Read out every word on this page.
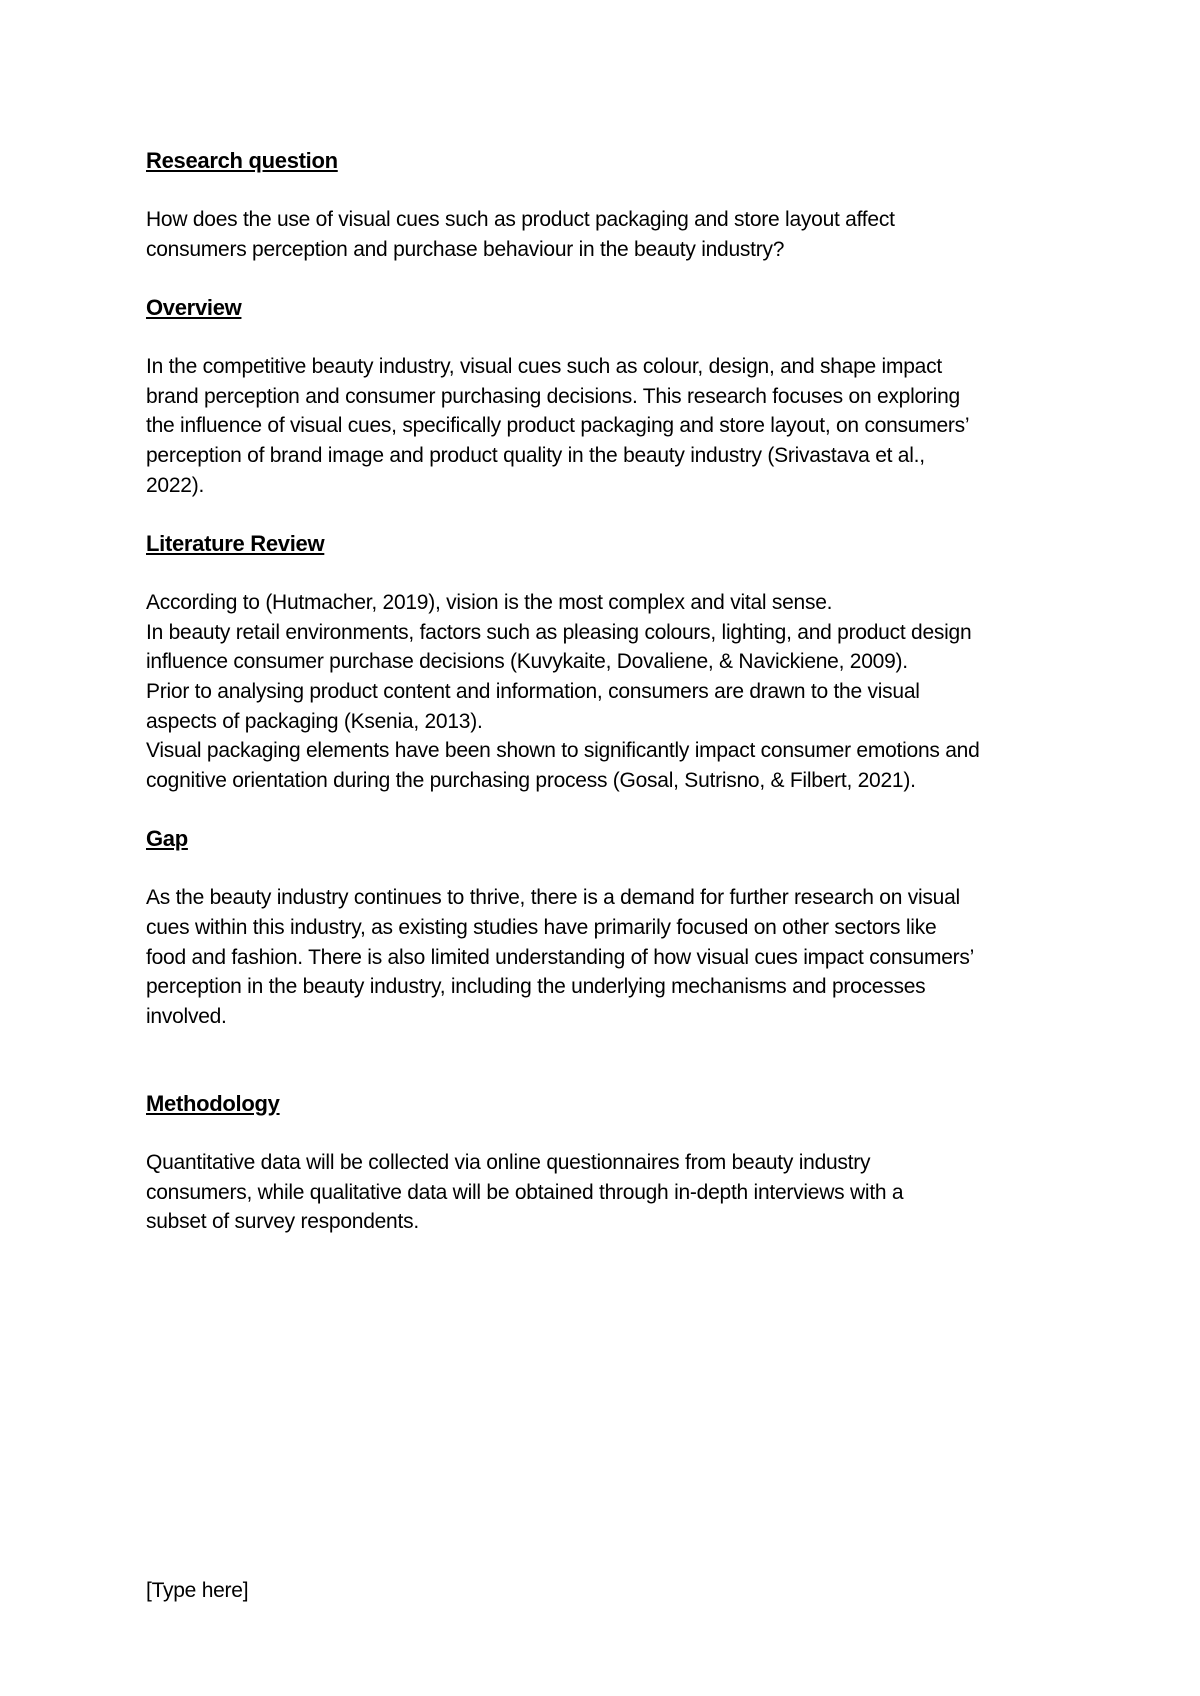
Research question

How does the use of visual cues such as product packaging and store layout affect
consumers perception and purchase behaviour in the beauty industry?

Overview

In the competitive beauty industry, visual cues such as colour, design, and shape impact
brand perception and consumer purchasing decisions. This research focuses on exploring
the influence of visual cues, specifically product packaging and store layout, on consumers’
perception of brand image and product quality in the beauty industry (Srivastava et al.,
2022).

Literature Review

According to (Hutmacher, 2019), vision is the most complex and vital sense.
In beauty retail environments, factors such as pleasing colours, lighting, and product design
influence consumer purchase decisions (Kuvykaite, Dovaliene, & Navickiene, 2009).
Prior to analysing product content and information, consumers are drawn to the visual
aspects of packaging (Ksenia, 2013).
Visual packaging elements have been shown to significantly impact consumer emotions and
cognitive orientation during the purchasing process (Gosal, Sutrisno, & Filbert, 2021).

Gap

As the beauty industry continues to thrive, there is a demand for further research on visual
cues within this industry, as existing studies have primarily focused on other sectors like
food and fashion. There is also limited understanding of how visual cues impact consumers’
perception in the beauty industry, including the underlying mechanisms and processes
involved.

Methodology

Quantitative data will be collected via online questionnaires from beauty industry
consumers, while qualitative data will be obtained through in-depth interviews with a
subset of survey respondents.

[Type here]
